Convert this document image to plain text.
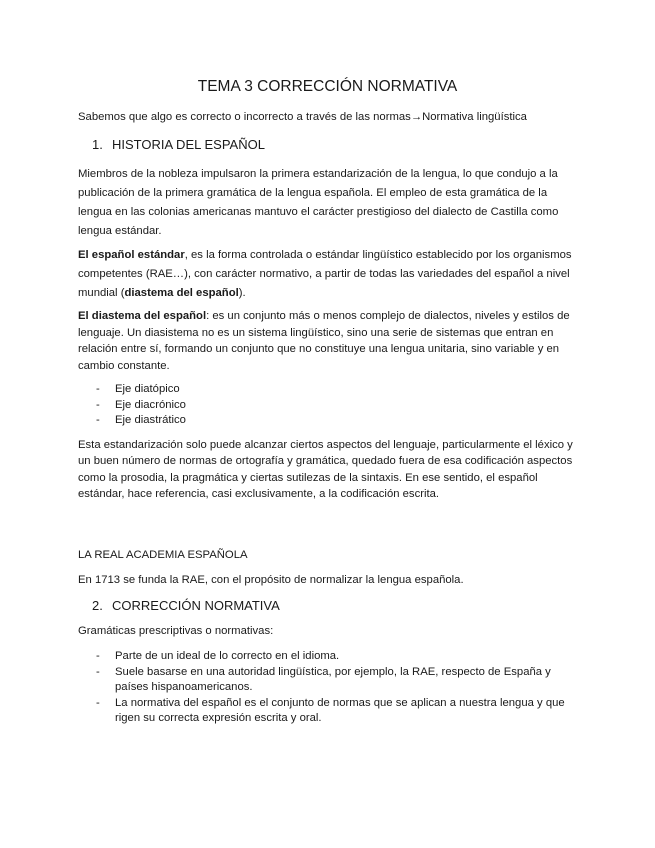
TEMA 3 CORRECCIÓN NORMATIVA
Sabemos que algo es correcto o incorrecto a través de las normas→Normativa lingüística
1. HISTORIA DEL ESPAÑOL
Miembros de la nobleza impulsaron la primera estandarización de la lengua, lo que condujo a la publicación de la primera gramática de la lengua española. El empleo de esta gramática de la lengua en las colonias americanas mantuvo el carácter prestigioso del dialecto de Castilla como lengua estándar.
El español estándar, es la forma controlada o estándar lingüístico establecido por los organismos competentes (RAE…), con carácter normativo, a partir de todas las variedades del español a nivel mundial (diastema del español).
El diastema del español: es un conjunto más o menos complejo de dialectos, niveles y estilos de lenguaje. Un diasistema no es un sistema lingüístico, sino una serie de sistemas que entran en relación entre sí, formando un conjunto que no constituye una lengua unitaria, sino variable y en cambio constante.
- Eje diatópico
- Eje diacrónico
- Eje diastrático
Esta estandarización solo puede alcanzar ciertos aspectos del lenguaje, particularmente el léxico y un buen número de normas de ortografía y gramática, quedado fuera de esa codificación aspectos como la prosodia, la pragmática y ciertas sutilezas de la sintaxis. En ese sentido, el español estándar, hace referencia, casi exclusivamente, a la codificación escrita.
LA REAL ACADEMIA ESPAÑOLA
En 1713 se funda la RAE, con el propósito de normalizar la lengua española.
2. CORRECCIÓN NORMATIVA
Gramáticas prescriptivas o normativas:
- Parte de un ideal de lo correcto en el idioma.
- Suele basarse en una autoridad lingüística, por ejemplo, la RAE, respecto de España y países hispanoamericanos.
- La normativa del español es el conjunto de normas que se aplican a nuestra lengua y que rigen su correcta expresión escrita y oral.
